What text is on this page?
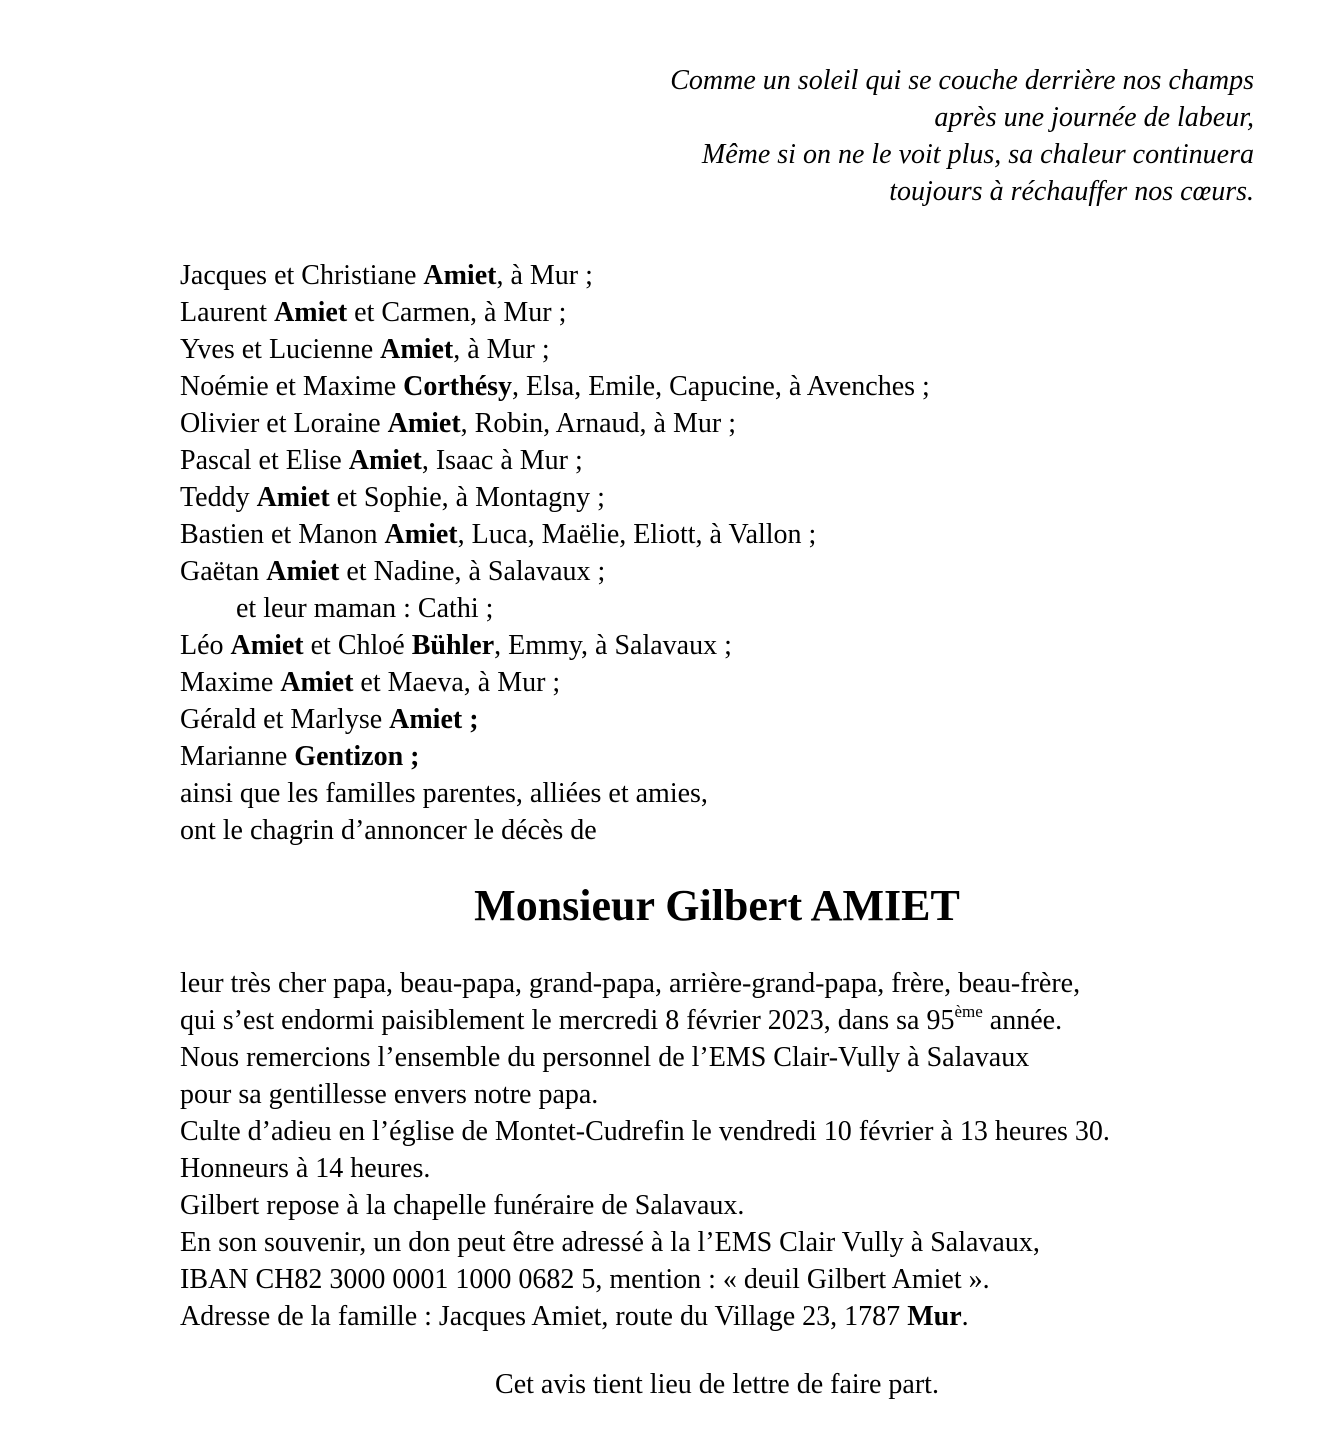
Comme un soleil qui se couche derrière nos champs
après une journée de labeur,
Même si on ne le voit plus, sa chaleur continuera
toujours à réchauffer nos cœurs.
Jacques et Christiane Amiet, à Mur ;
Laurent Amiet et Carmen, à Mur ;
Yves et Lucienne Amiet, à Mur ;
Noémie et Maxime Corthésy, Elsa, Emile, Capucine, à Avenches ;
Olivier et Loraine Amiet, Robin, Arnaud, à Mur ;
Pascal et Elise Amiet, Isaac à Mur ;
Teddy Amiet et Sophie, à Montagny ;
Bastien et Manon Amiet, Luca, Maëlie, Eliott, à Vallon ;
Gaëtan Amiet et Nadine, à Salavaux ;
et leur maman : Cathi ;
Léo Amiet et Chloé Bühler, Emmy, à Salavaux ;
Maxime Amiet et Maeva, à Mur ;
Gérald et Marlyse Amiet ;
Marianne Gentizon ;
ainsi que les familles parentes, alliées et amies,
ont le chagrin d’annoncer le décès de
Monsieur Gilbert AMIET
leur très cher papa, beau-papa, grand-papa, arrière-grand-papa, frère, beau-frère,
qui s’est endormi paisiblement le mercredi 8 février 2023, dans sa 95ème année.
Nous remercions l’ensemble du personnel de l’EMS Clair-Vully à Salavaux
pour sa gentillesse envers notre papa.
Culte d’adieu en l’église de Montet-Cudrefin le vendredi 10 février à 13 heures 30.
Honneurs à 14 heures.
Gilbert repose à la chapelle funéraire de Salavaux.
En son souvenir, un don peut être adressé à la l’EMS Clair Vully à Salavaux,
IBAN CH82 3000 0001 1000 0682 5, mention : « deuil Gilbert Amiet ».
Adresse de la famille : Jacques Amiet, route du Village 23, 1787 Mur.
Cet avis tient lieu de lettre de faire part.
